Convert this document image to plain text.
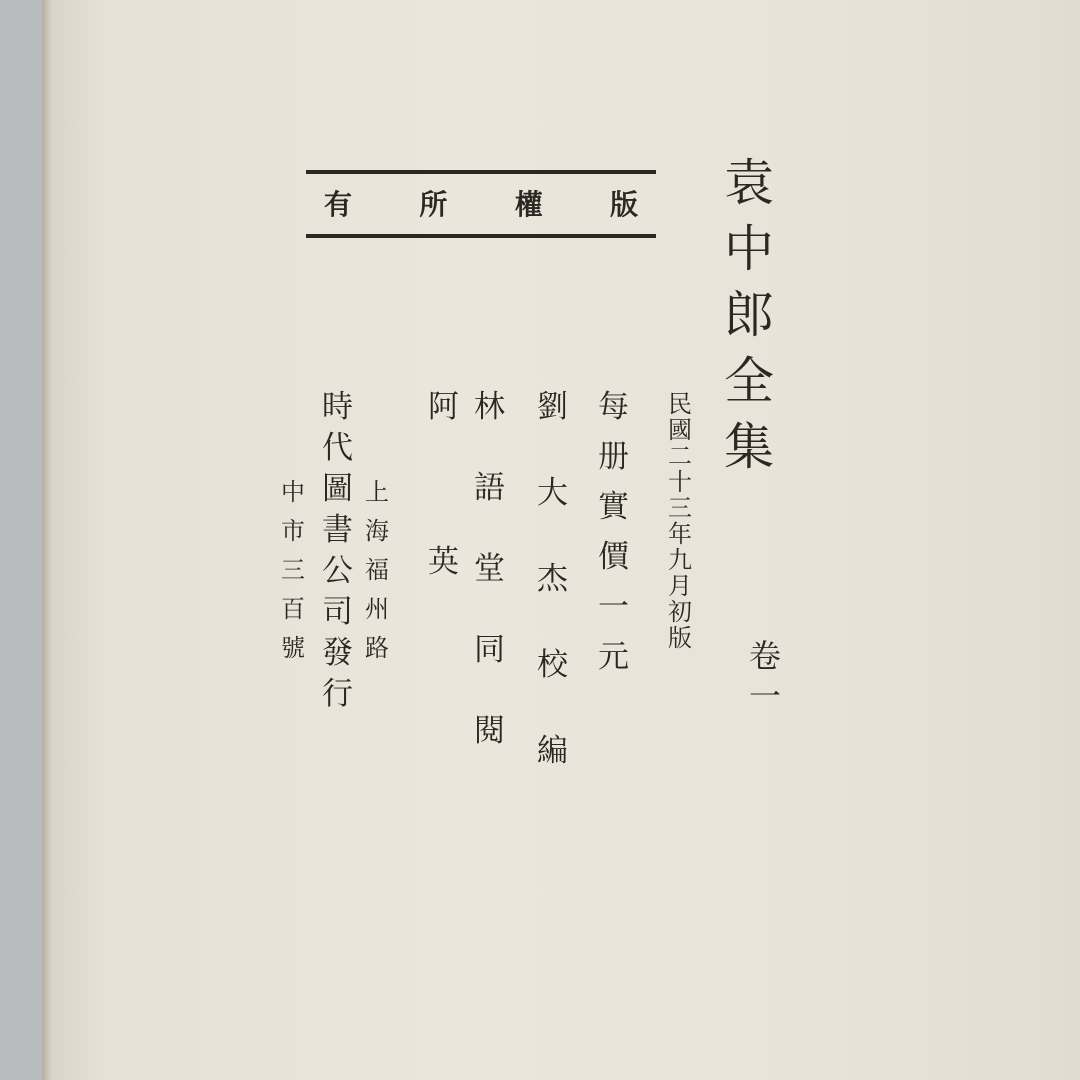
袁
中
郎
全
集
卷
一
有 所 權 版
民
國
二
十
三
年
九
月
初
版
每
册
實
價
一
元
劉
大
杰
校
編
林
語
堂
同
閱
阿
英
上
海
福
州
路
時
代
圖
書
公
司
發
行
中
市
三
百
號
